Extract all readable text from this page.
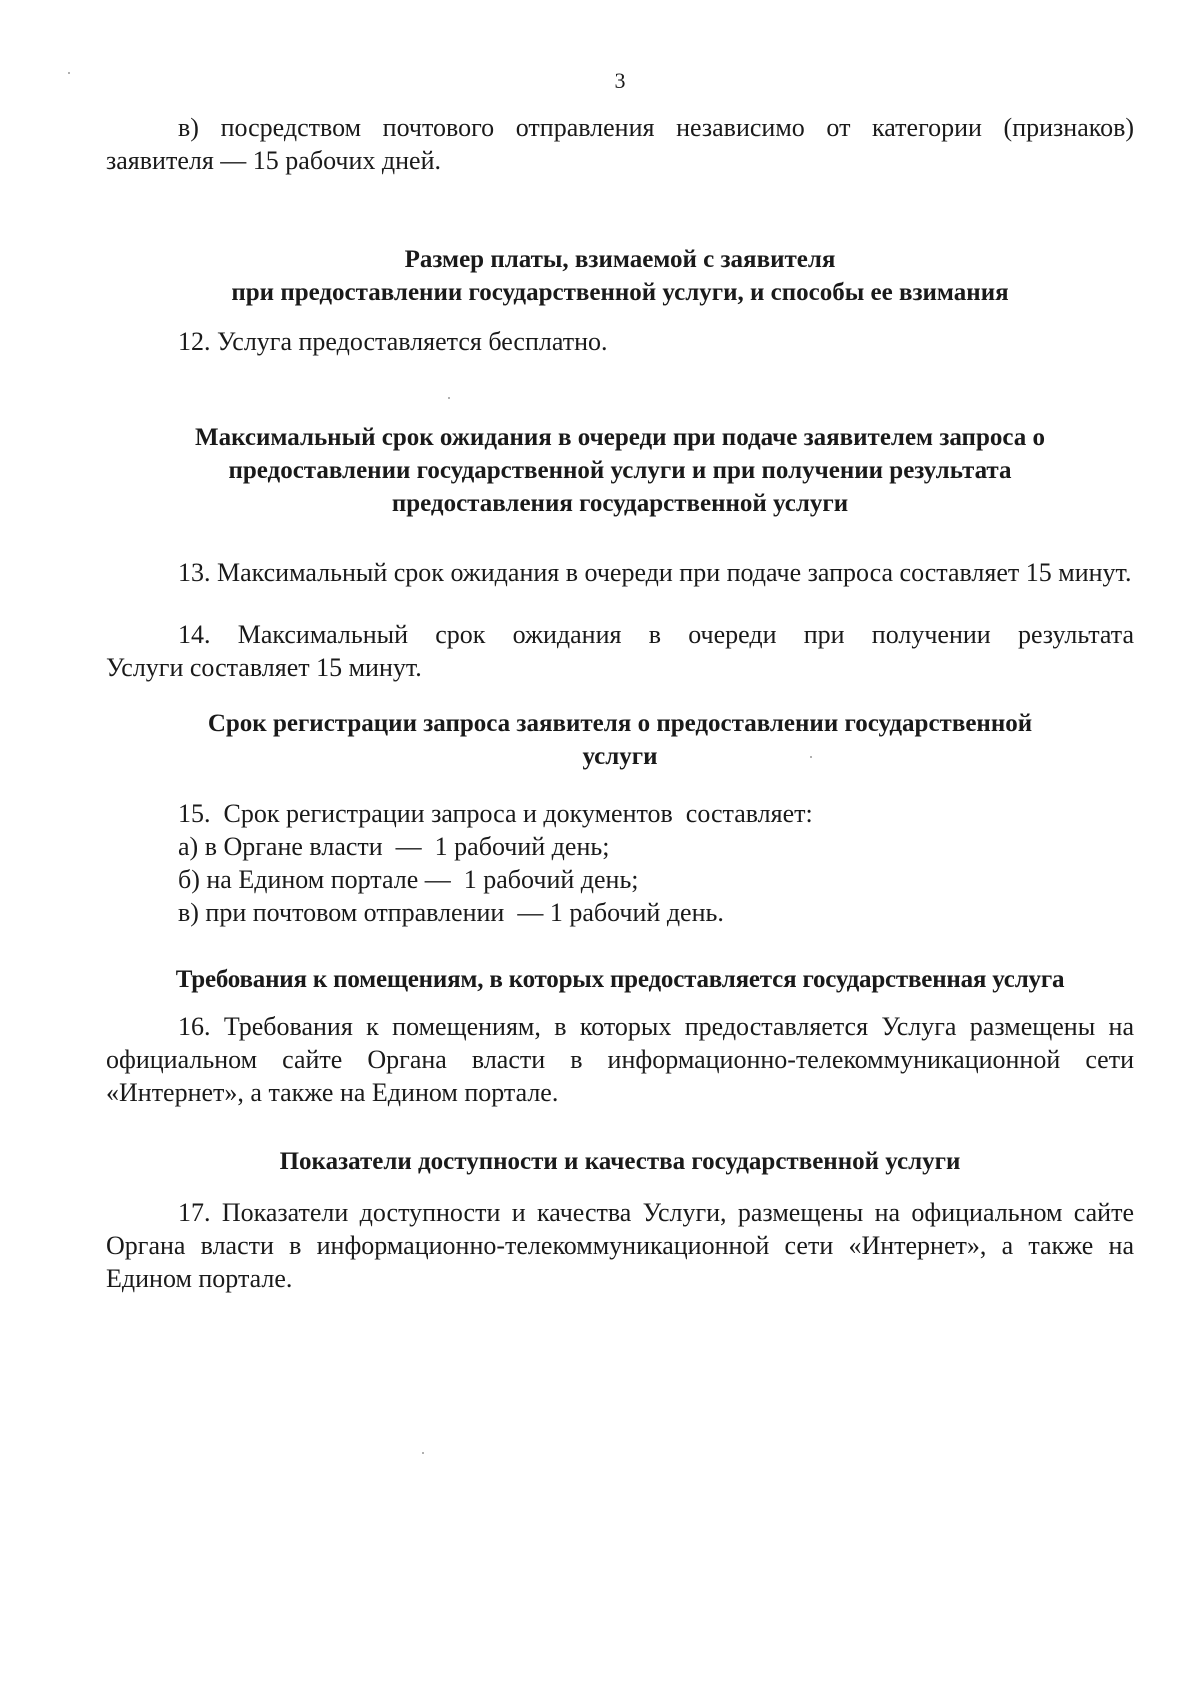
3

в) посредством почтового отправления независимо от категории (признаков) заявителя — 15 рабочих дней.

Размер платы, взимаемой с заявителя

при предоставлении государственной услуги, и способы ее взимания

12. Услуга предоставляется бесплатно.

Максимальный срок ожидания в очереди при подаче заявителем запроса о

предоставлении государственной услуги и при получении результата

предоставления государственной услуги

13. Максимальный срок ожидания в очереди при подаче запроса составляет 15 минут.

14. Максимальный срок ожидания в очереди при получении результата

Услуги составляет 15 минут.

Срок регистрации запроса заявителя о предоставлении государственной

услуги

15.  Срок регистрации запроса и документов  составляет:

а) в Органе власти  —  1 рабочий день;

б) на Едином портале —  1 рабочий день;

в) при почтовом отправлении  — 1 рабочий день.

Требования к помещениям, в которых предоставляется государственная услуга

16. Требования к помещениям, в которых предоставляется Услуга размещены на официальном сайте Органа власти в информационно-телекоммуникационной сети «Интернет», а также на Едином портале.

Показатели доступности и качества государственной услуги

17. Показатели доступности и качества Услуги, размещены на официальном сайте Органа власти в информационно-телекоммуникационной сети «Интернет», а также на Едином портале.
